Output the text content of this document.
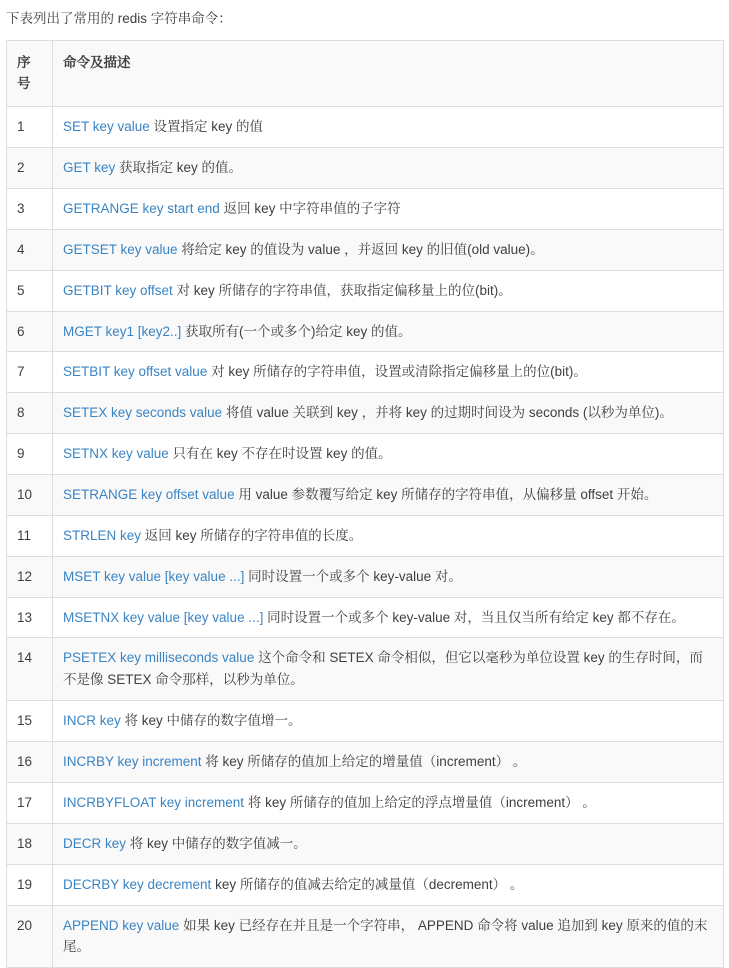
下表列出了常用的 redis 字符串命令：

序号	命令及描述
1	SET key value 设置指定 key 的值
2	GET key 获取指定 key 的值。
3	GETRANGE key start end 返回 key 中字符串值的子字符
4	GETSET key value 将给定 key 的值设为 value ，并返回 key 的旧值(old value)。
5	GETBIT key offset 对 key 所储存的字符串值，获取指定偏移量上的位(bit)。
6	MGET key1 [key2..] 获取所有(一个或多个)给定 key 的值。
7	SETBIT key offset value 对 key 所储存的字符串值，设置或清除指定偏移量上的位(bit)。
8	SETEX key seconds value 将值 value 关联到 key ，并将 key 的过期时间设为 seconds (以秒为单位)。
9	SETNX key value 只有在 key 不存在时设置 key 的值。
10	SETRANGE key offset value 用 value 参数覆写给定 key 所储存的字符串值，从偏移量 offset 开始。
11	STRLEN key 返回 key 所储存的字符串值的长度。
12	MSET key value [key value ...] 同时设置一个或多个 key-value 对。
13	MSETNX key value [key value ...] 同时设置一个或多个 key-value 对，当且仅当所有给定 key 都不存在。
14	PSETEX key milliseconds value 这个命令和 SETEX 命令相似，但它以毫秒为单位设置 key 的生存时间，而不是像 SETEX 命令那样，以秒为单位。
15	INCR key 将 key 中储存的数字值增一。
16	INCRBY key increment 将 key 所储存的值加上给定的增量值（increment） 。
17	INCRBYFLOAT key increment 将 key 所储存的值加上给定的浮点增量值（increment） 。
18	DECR key 将 key 中储存的数字值减一。
19	DECRBY key decrement key 所储存的值减去给定的减量值（decrement） 。
20	APPEND key value 如果 key 已经存在并且是一个字符串， APPEND 命令将 value 追加到 key 原来的值的末尾。
